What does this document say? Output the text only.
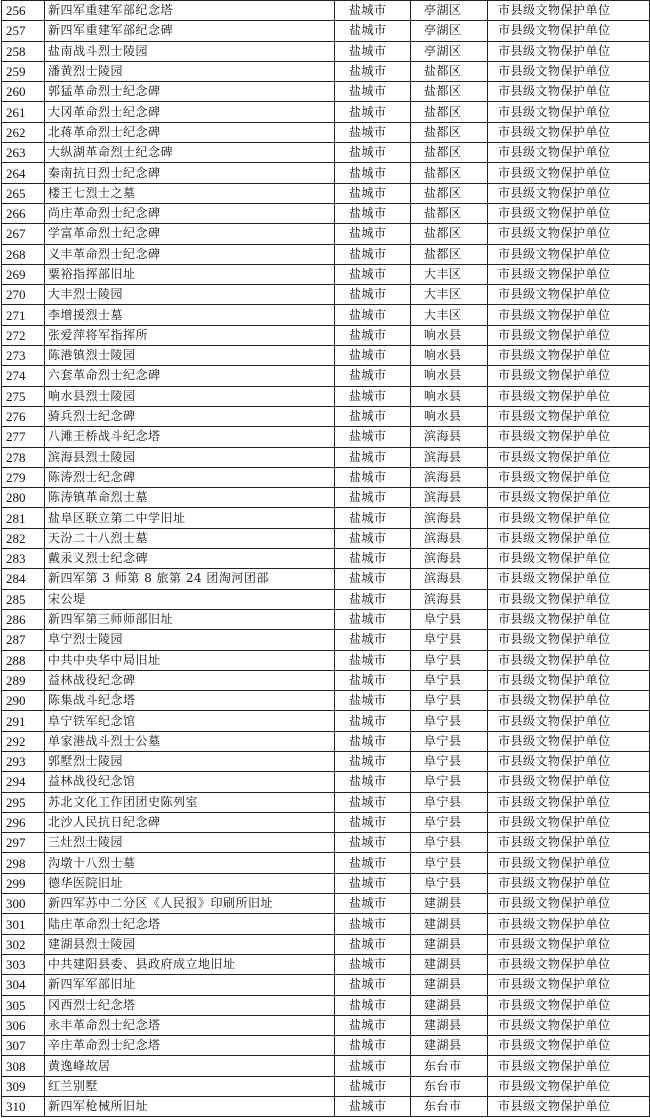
256	新四军重建军部纪念塔	盐城市	亭湖区	市县级文物保护单位
257	新四军重建军部纪念碑	盐城市	亭湖区	市县级文物保护单位
258	盐南战斗烈士陵园	盐城市	亭湖区	市县级文物保护单位
259	潘黄烈士陵园	盐城市	盐都区	市县级文物保护单位
260	郭猛革命烈士纪念碑	盐城市	盐都区	市县级文物保护单位
261	大冈革命烈士纪念碑	盐城市	盐都区	市县级文物保护单位
262	北蒋革命烈士纪念碑	盐城市	盐都区	市县级文物保护单位
263	大纵湖革命烈士纪念碑	盐城市	盐都区	市县级文物保护单位
264	秦南抗日烈士纪念碑	盐城市	盐都区	市县级文物保护单位
265	楼王七烈士之墓	盐城市	盐都区	市县级文物保护单位
266	尚庄革命烈士纪念碑	盐城市	盐都区	市县级文物保护单位
267	学富革命烈士纪念碑	盐城市	盐都区	市县级文物保护单位
268	义丰革命烈士纪念碑	盐城市	盐都区	市县级文物保护单位
269	粟裕指挥部旧址	盐城市	大丰区	市县级文物保护单位
270	大丰烈士陵园	盐城市	大丰区	市县级文物保护单位
271	李增援烈士墓	盐城市	大丰区	市县级文物保护单位
272	张爱萍将军指挥所	盐城市	响水县	市县级文物保护单位
273	陈港镇烈士陵园	盐城市	响水县	市县级文物保护单位
274	六套革命烈士纪念碑	盐城市	响水县	市县级文物保护单位
275	响水县烈士陵园	盐城市	响水县	市县级文物保护单位
276	骑兵烈士纪念碑	盐城市	响水县	市县级文物保护单位
277	八滩王桥战斗纪念塔	盐城市	滨海县	市县级文物保护单位
278	滨海县烈士陵园	盐城市	滨海县	市县级文物保护单位
279	陈涛烈士纪念碑	盐城市	滨海县	市县级文物保护单位
280	陈涛镇革命烈士墓	盐城市	滨海县	市县级文物保护单位
281	盐阜区联立第二中学旧址	盐城市	滨海县	市县级文物保护单位
282	天汾二十八烈士墓	盐城市	滨海县	市县级文物保护单位
283	戴汞义烈士纪念碑	盐城市	滨海县	市县级文物保护单位
284	新四军第 3 师第 8 旅第 24 团淘河团部	盐城市	滨海县	市县级文物保护单位
285	宋公堤	盐城市	滨海县	市县级文物保护单位
286	新四军第三师师部旧址	盐城市	阜宁县	市县级文物保护单位
287	阜宁烈士陵园	盐城市	阜宁县	市县级文物保护单位
288	中共中央华中局旧址	盐城市	阜宁县	市县级文物保护单位
289	益林战役纪念碑	盐城市	阜宁县	市县级文物保护单位
290	陈集战斗纪念塔	盐城市	阜宁县	市县级文物保护单位
291	阜宁铁军纪念馆	盐城市	阜宁县	市县级文物保护单位
292	单家港战斗烈士公墓	盐城市	阜宁县	市县级文物保护单位
293	郭墅烈士陵园	盐城市	阜宁县	市县级文物保护单位
294	益林战役纪念馆	盐城市	阜宁县	市县级文物保护单位
295	苏北文化工作团团史陈列室	盐城市	阜宁县	市县级文物保护单位
296	北沙人民抗日纪念碑	盐城市	阜宁县	市县级文物保护单位
297	三灶烈士陵园	盐城市	阜宁县	市县级文物保护单位
298	沟墩十八烈士墓	盐城市	阜宁县	市县级文物保护单位
299	德华医院旧址	盐城市	阜宁县	市县级文物保护单位
300	新四军苏中二分区《人民报》印刷所旧址	盐城市	建湖县	市县级文物保护单位
301	陆庄革命烈士纪念塔	盐城市	建湖县	市县级文物保护单位
302	建湖县烈士陵园	盐城市	建湖县	市县级文物保护单位
303	中共建阳县委、县政府成立地旧址	盐城市	建湖县	市县级文物保护单位
304	新四军军部旧址	盐城市	建湖县	市县级文物保护单位
305	冈西烈士纪念塔	盐城市	建湖县	市县级文物保护单位
306	永丰革命烈士纪念塔	盐城市	建湖县	市县级文物保护单位
307	辛庄革命烈士纪念塔	盐城市	建湖县	市县级文物保护单位
308	黄逸峰故居	盐城市	东台市	市县级文物保护单位
309	红兰别墅	盐城市	东台市	市县级文物保护单位
310	新四军枪械所旧址	盐城市	东台市	市县级文物保护单位
